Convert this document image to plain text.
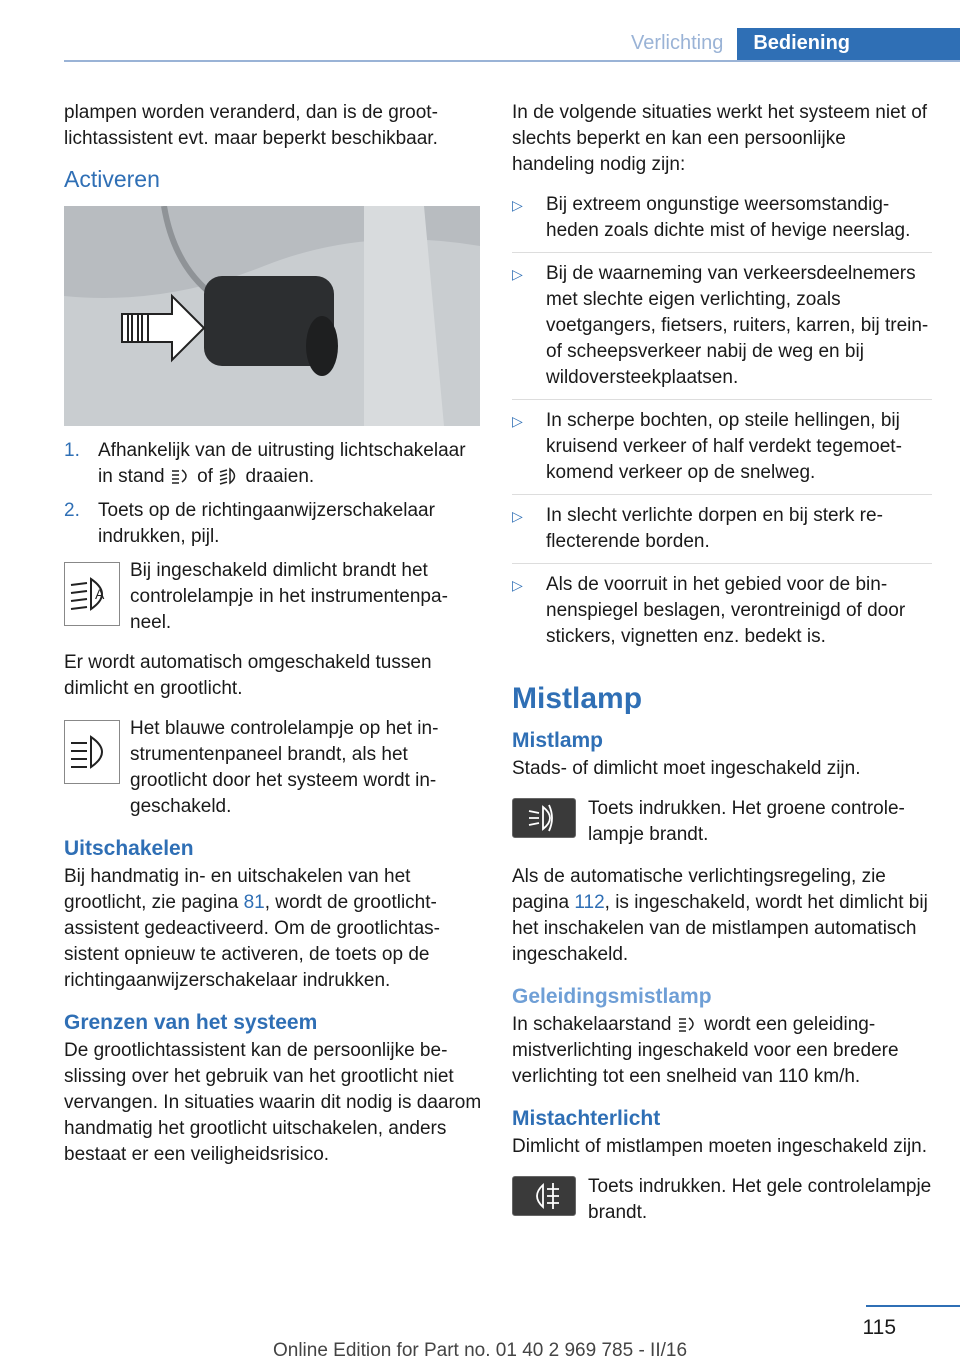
Verlichting	Bediening

plampen worden veranderd, dan is de grootlichtassistent evt. maar beperkt beschikbaar.

Activeren
1. Afhankelijk van de uitrusting lichtschakelaar in stand of draaien.
2. Toets op de richtingaanwijzerschakelaar indrukken, pijl.
A
Bij ingeschakeld dimlicht brandt het controlelampje in het instrumentenpaneel.

Er wordt automatisch omgeschakeld tussen dimlicht en grootlicht.

Het blauwe controlelampje op het instrumentenpaneel brandt, als het grootlicht door het systeem wordt ingeschakeld.
Uitschakelen

Bij handmatig in- en uitschakelen van het grootlicht, zie pagina 81, wordt de grootlichtassistent gedeactiveerd. Om de grootlichtassistent opnieuw te activeren, de toets op de richtingaanwijzerschakelaar indrukken.

Grenzen van het systeem

De grootlichtassistent kan de persoonlijke beslissing over het gebruik van het grootlicht niet vervangen. In situaties waarin dit nodig is daarom handmatig het grootlicht uitschakelen, anders bestaat er een veiligheidsrisico.

In de volgende situaties werkt het systeem niet of slechts beperkt en kan een persoonlijke handeling nodig zijn:

▷ Bij extreem ongunstige weersomstandigheden zoals dichte mist of hevige neerslag.
▷ Bij de waarneming van verkeersdeelnemers met slechte eigen verlichting, zoals voetgangers, fietsers, ruiters, karren, bij trein- of scheepsverkeer nabij de weg en bij wildoversteekplaatsen.
▷ In scherpe bochten, op steile hellingen, bij kruisend verkeer of half verdekt tegemoetkomend verkeer op de snelweg.
▷ In slecht verlichte dorpen en bij sterk reflecterende borden.
▷ Als de voorruit in het gebied voor de binnenspiegel beslagen, verontreinigd of door stickers, vignetten enz. bedekt is.
Mistlamp
Mistlamp

Stads- of dimlicht moet ingeschakeld zijn.

Toets indrukken. Het groene controlelampje brandt.

Als de automatische verlichtingsregeling, zie pagina 112, is ingeschakeld, wordt het dimlicht bij het inschakelen van de mistlampen automatisch ingeschakeld.

Geleidingsmistlamp

In schakelaarstand wordt een geleidingmistverlichting ingeschakeld voor een bredere verlichting tot een snelheid van 110 km/h.

Mistachterlicht

Dimlicht of mistlampen moeten ingeschakeld zijn.

Toets indrukken. Het gele controlelampje brandt.
115
Online Edition for Part no. 01 40 2 969 785 - II/16
